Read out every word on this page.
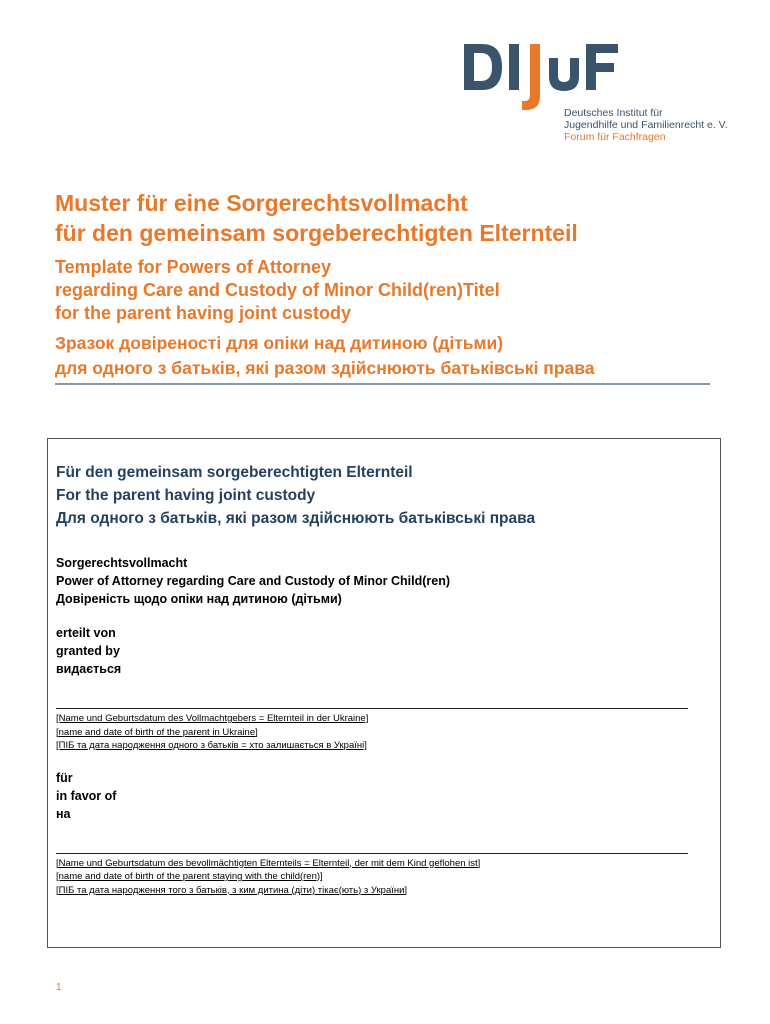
DIJuF
Deutsches Institut für
Jugendhilfe und Familienrecht e. V.
Forum für Fachfragen

Muster für eine Sorgerechtsvollmacht

für den gemeinsam sorgeberechtigten Elternteil

Template for Powers of Attorney

regarding Care and Custody of Minor Child(ren)Titel

for the parent having joint custody

Зразок довіреності для опіки над дитиною (дітьми)

для одного з батьків, які разом здійснюють батьківські права

Für den gemeinsam sorgeberechtigten Elternteil

For the parent having joint custody

Для одного з батьків, які разом здійснюють батьківські права

Sorgerechtsvollmacht

Power of Attorney regarding Care and Custody of Minor Child(ren)

Довіреність щодо опіки над дитиною (дітьми)

erteilt von

granted by

видається

[Name und Geburtsdatum des Vollmachtgebers = Elternteil in der Ukraine]

[name and date of birth of the parent in Ukraine]

[ПІБ та дата народження одного з батьків = хто залишається в Україні]

für

in favor of

на

[Name und Geburtsdatum des bevollmächtigten Elternteils = Elternteil, der mit dem Kind geflohen ist]

[name and date of birth of the parent staying with the child(ren)]

[ПІБ та дата народження того з батьків, з ким дитина (діти) тікає(ють) з України]

1
